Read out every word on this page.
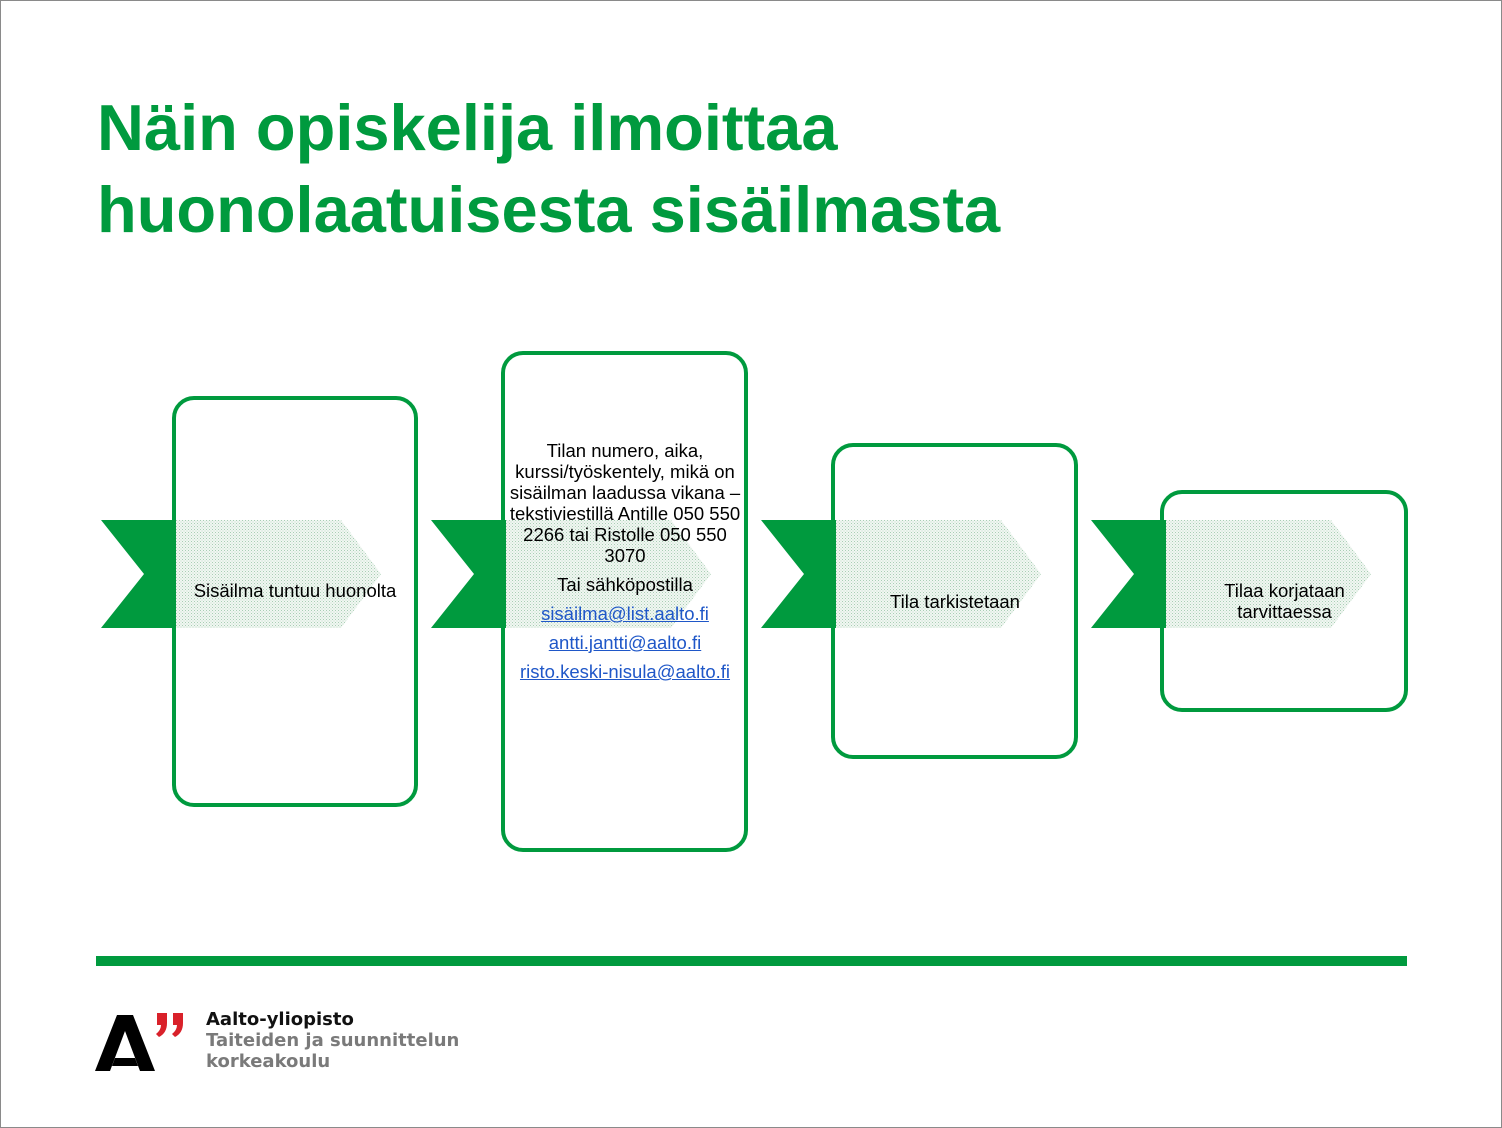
Näin opiskelija ilmoittaa
huonolaatuisesta sisäilmasta

Sisäilma tuntuu huonolta

Tilan numero, aika, kurssi/työskentely, mikä on sisäilman laadussa vikana – tekstiviestillä Antille 050 550 2266 tai Ristolle 050 550 3070

Tai sähköpostilla

sisäilma@list.aalto.fi
antti.jantti@aalto.fi
risto.keski-nisula@aalto.fi

Tila tarkistetaan

Tilaa korjataan tarvittaessa

Aalto-yliopisto
Taiteiden ja suunnittelun
korkeakoulu
